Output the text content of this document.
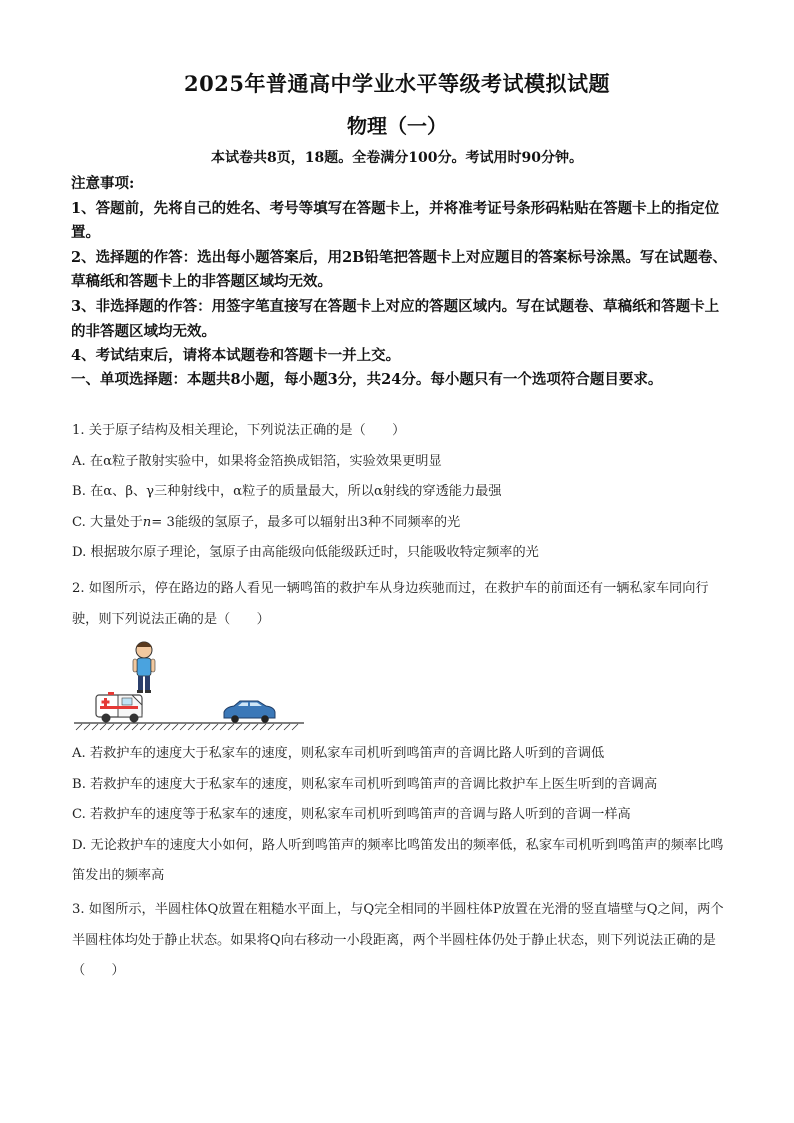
2025年普通高中学业水平等级考试模拟试题
物理（一）
本试卷共8页，18题。全卷满分100分。考试用时90分钟。

注意事项:

1、答题前，先将自己的姓名、考号等填写在答题卡上，并将准考证号条形码粘贴在答题卡上的指定位置。

2、选择题的作答：选出每小题答案后，用2B铅笔把答题卡上对应题目的答案标号涂黑。写在试题卷、草稿纸和答题卡上的非答题区域均无效。

3、非选择题的作答：用签字笔直接写在答题卡上对应的答题区域内。写在试题卷、草稿纸和答题卡上的非答题区域均无效。

4、考试结束后，请将本试题卷和答题卡一并上交。

一、单项选择题：本题共8小题，每小题3分，共24分。每小题只有一个选项符合题目要求。

1. 关于原子结构及相关理论，下列说法正确的是（　　）

A. 在α粒子散射实验中，如果将金箔换成铝箔，实验效果更明显

B. 在α、β、γ三种射线中，α粒子的质量最大，所以α射线的穿透能力最强

C. 大量处于n= 3能级的氢原子，最多可以辐射出3种不同频率的光

D. 根据玻尔原子理论，氢原子由高能级向低能级跃迁时，只能吸收特定频率的光

2. 如图所示，停在路边的路人看见一辆鸣笛的救护车从身边疾驰而过，在救护车的前面还有一辆私家车同向行驶，则下列说法正确的是（　　）

A. 若救护车的速度大于私家车的速度，则私家车司机听到鸣笛声的音调比路人听到的音调低

B. 若救护车的速度大于私家车的速度，则私家车司机听到鸣笛声的音调比救护车上医生听到的音调高

C. 若救护车的速度等于私家车的速度，则私家车司机听到鸣笛声的音调与路人听到的音调一样高

D. 无论救护车的速度大小如何，路人听到鸣笛声的频率比鸣笛发出的频率低，私家车司机听到鸣笛声的频率比鸣笛发出的频率高

3. 如图所示，半圆柱体Q放置在粗糙水平面上，与Q完全相同的半圆柱体P放置在光滑的竖直墙壁与Q之间，两个半圆柱体均处于静止状态。如果将Q向右移动一小段距离，两个半圆柱体仍处于静止状态，则下列说法正确的是（　　）
